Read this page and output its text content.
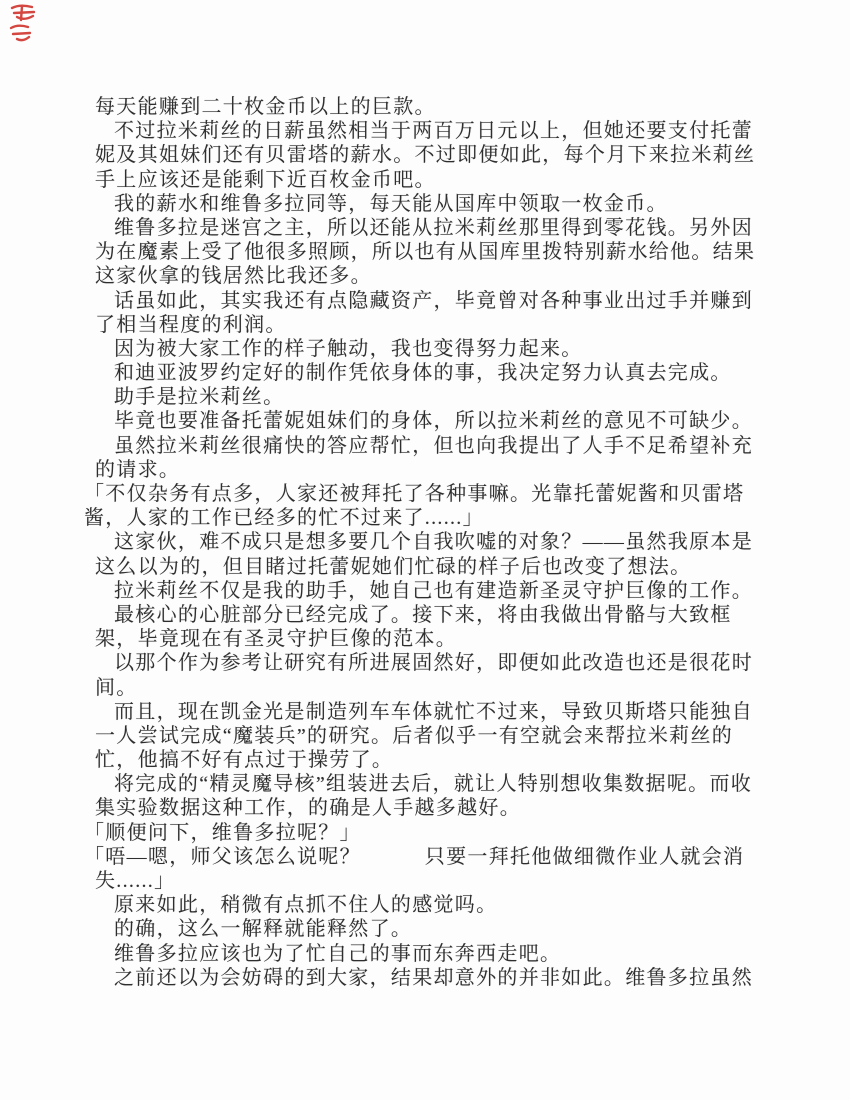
每天能赚到二十枚金币以上的巨款。
不过拉米莉丝的日薪虽然相当于两百万日元以上，但她还要支付托蕾
妮及其姐妹们还有贝雷塔的薪水。不过即便如此，每个月下来拉米莉丝
手上应该还是能剩下近百枚金币吧。
我的薪水和维鲁多拉同等，每天能从国库中领取一枚金币。
维鲁多拉是迷宫之主，所以还能从拉米莉丝那里得到零花钱。另外因
为在魔素上受了他很多照顾，所以也有从国库里拨特别薪水给他。结果
这家伙拿的钱居然比我还多。
话虽如此，其实我还有点隐藏资产，毕竟曾对各种事业出过手并赚到
了相当程度的利润。
因为被大家工作的样子触动，我也变得努力起来。
和迪亚波罗约定好的制作凭依身体的事，我决定努力认真去完成。
助手是拉米莉丝。
毕竟也要准备托蕾妮姐妹们的身体，所以拉米莉丝的意见不可缺少。
虽然拉米莉丝很痛快的答应帮忙，但也向我提出了人手不足希望补充
的请求。
「不仅杂务有点多，人家还被拜托了各种事嘛。光靠托蕾妮酱和贝雷塔
酱，人家的工作已经多的忙不过来了......」
这家伙，难不成只是想多要几个自我吹嘘的对象？——虽然我原本是
这么以为的，但目睹过托蕾妮她们忙碌的样子后也改变了想法。
拉米莉丝不仅是我的助手，她自己也有建造新圣灵守护巨像的工作。
最核心的心脏部分已经完成了。接下来，将由我做出骨骼与大致框
架，毕竟现在有圣灵守护巨像的范本。
以那个作为参考让研究有所进展固然好，即便如此改造也还是很花时
间。
而且，现在凯金光是制造列车车体就忙不过来，导致贝斯塔只能独自
一人尝试完成“魔装兵”的研究。后者似乎一有空就会来帮拉米莉丝的
忙，他搞不好有点过于操劳了。
将完成的“精灵魔导核”组装进去后，就让人特别想收集数据呢。而收
集实验数据这种工作，的确是人手越多越好。
「顺便问下，维鲁多拉呢？」
「唔—嗯，师父该怎么说呢？　　　只要一拜托他做细微作业人就会消
失......」
原来如此，稍微有点抓不住人的感觉吗。
的确，这么一解释就能释然了。
维鲁多拉应该也为了忙自己的事而东奔西走吧。
之前还以为会妨碍的到大家，结果却意外的并非如此。维鲁多拉虽然
